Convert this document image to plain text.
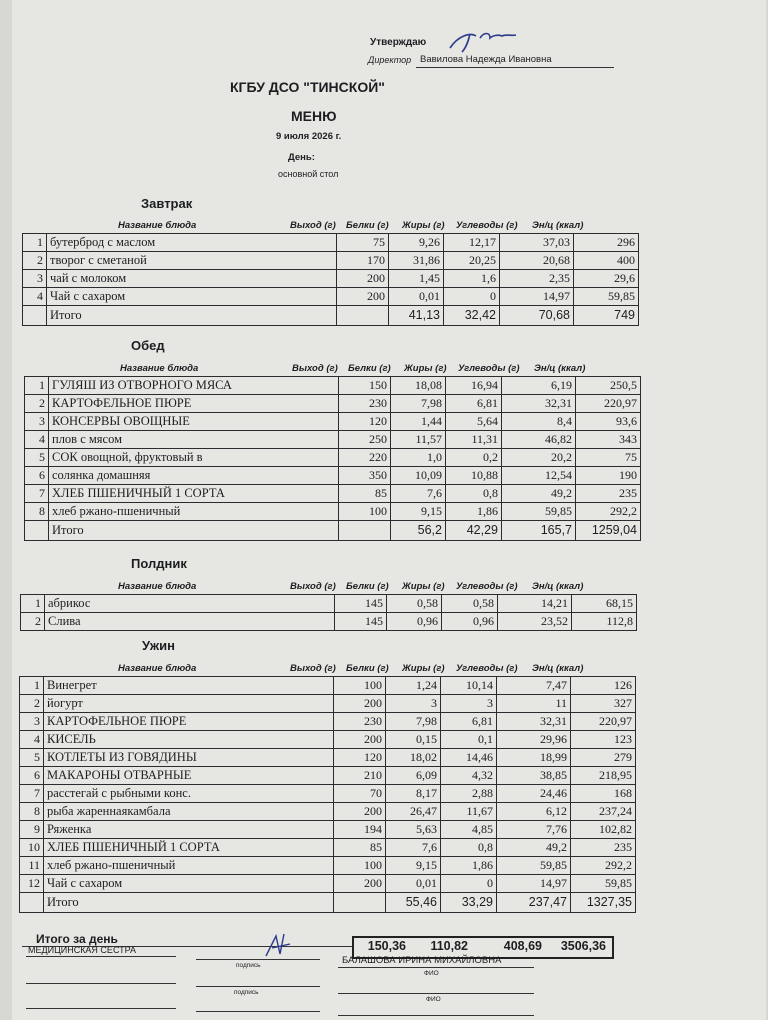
Утверждаю
Директор Вавилова Надежда Ивановна
КГБУ ДСО "ТИНСКОЙ"
МЕНЮ
9 июля 2026 г.
День:
основной стол
Завтрак
Название блюда	Выход (г) Белки (г) Жиры (г) Углеводы (г) Эн/ц (ккал)
1	бутерброд с маслом	75	9,26	12,17	37,03	296
2	творог с сметаной	170	31,86	20,25	20,68	400
3	чай с молоком	200	1,45	1,6	2,35	29,6
4	Чай с сахаром	200	0,01	0	14,97	59,85
	Итого		41,13	32,42	70,68	749
Обед
Название блюда	Выход (г) Белки (г) Жиры (г) Углеводы (г) Эн/ц (ккал)
1	ГУЛЯШ ИЗ ОТВОРНОГО МЯСА	150	18,08	16,94	6,19	250,5
2	КАРТОФЕЛЬНОЕ ПЮРЕ	230	7,98	6,81	32,31	220,97
3	КОНСЕРВЫ ОВОЩНЫЕ	120	1,44	5,64	8,4	93,6
4	плов с мясом	250	11,57	11,31	46,82	343
5	СОК овощной, фруктовый в	220	1,0	0,2	20,2	75
6	солянка домашняя	350	10,09	10,88	12,54	190
7	ХЛЕБ ПШЕНИЧНЫЙ 1 СОРТА	85	7,6	0,8	49,2	235
8	хлеб ржано-пшеничный	100	9,15	1,86	59,85	292,2
	Итого		56,2	42,29	165,7	1259,04
Полдник
Название блюда	Выход (г) Белки (г) Жиры (г) Углеводы (г) Эн/ц (ккал)
1	абрикос	145	0,58	0,58	14,21	68,15
2	Слива	145	0,96	0,96	23,52	112,8
Ужин
Название блюда	Выход (г) Белки (г) Жиры (г) Углеводы (г) Эн/ц (ккал)
1	Винегрет	100	1,24	10,14	7,47	126
2	йогурт	200	3	3	11	327
3	КАРТОФЕЛЬНОЕ ПЮРЕ	230	7,98	6,81	32,31	220,97
4	КИСЕЛЬ	200	0,15	0,1	29,96	123
5	КОТЛЕТЫ ИЗ ГОВЯДИНЫ	120	18,02	14,46	18,99	279
6	МАКАРОНЫ ОТВАРНЫЕ	210	6,09	4,32	38,85	218,95
7	расстегай с рыбными конс.	70	8,17	2,88	24,46	168
8	рыба жареннаякамбала	200	26,47	11,67	6,12	237,24
9	Ряженка	194	5,63	4,85	7,76	102,82
10	ХЛЕБ ПШЕНИЧНЫЙ 1 СОРТА	85	7,6	0,8	49,2	235
11	хлеб ржано-пшеничный	100	9,15	1,86	59,85	292,2
12	Чай с сахаром	200	0,01	0	14,97	59,85
	Итого		55,46	33,29	237,47	1327,35
Итого за день	150,36	110,82	408,69	3506,36
МЕДИЦИНСКАЯ СЕСТРА
подпись	БАЛАШОВА ИРИНА МИХАЙЛОВНА
ФИО
подпись
ФИО
